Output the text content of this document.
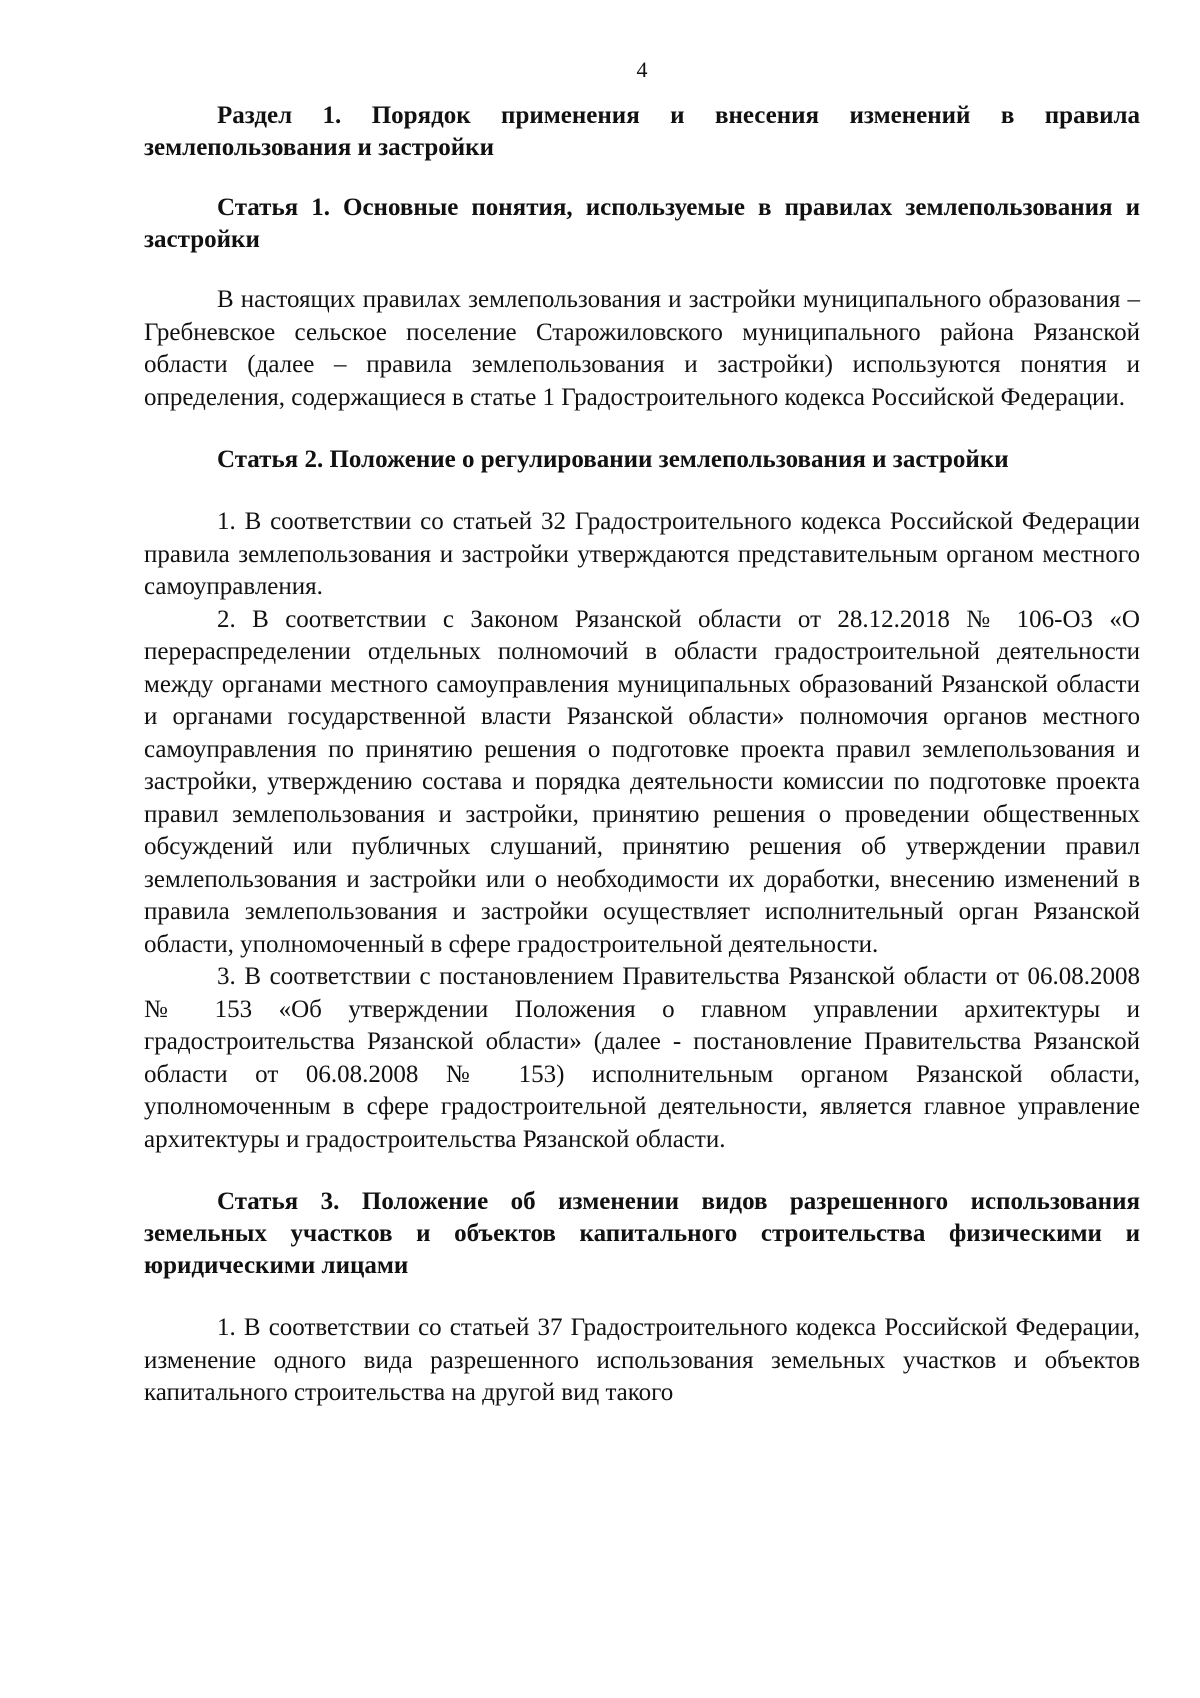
4

Раздел 1. Порядок применения и внесения изменений в правила землепользования и застройки

Статья 1. Основные понятия, используемые в правилах землепользования и застройки

В настоящих правилах землепользования и застройки муниципального образования – Гребневское сельское поселение Старожиловского муниципального района Рязанской области (далее – правила землепользования и застройки) используются понятия и определения, содержащиеся в статье 1 Градостроительного кодекса Российской Федерации.

Статья 2. Положение о регулировании землепользования и застройки

1. В соответствии со статьей 32 Градостроительного кодекса Российской Федерации правила землепользования и застройки утверждаются представительным органом местного самоуправления.

2. В соответствии с Законом Рязанской области от 28.12.2018 № 106-ОЗ «О перераспределении отдельных полномочий в области градостроительной деятельности между органами местного самоуправления муниципальных образований Рязанской области и органами государственной власти Рязанской области» полномочия органов местного самоуправления по принятию решения о подготовке проекта правил землепользования и застройки, утверждению состава и порядка деятельности комиссии по подготовке проекта правил землепользования и застройки, принятию решения о проведении общественных обсуждений или публичных слушаний, принятию решения об утверждении правил землепользования и застройки или о необходимости их доработки, внесению изменений в правила землепользования и застройки осуществляет исполнительный орган Рязанской области, уполномоченный в сфере градостроительной деятельности.

3. В соответствии с постановлением Правительства Рязанской области от 06.08.2008 № 153 «Об утверждении Положения о главном управлении архитектуры и градостроительства Рязанской области» (далее - постановление Правительства Рязанской области от 06.08.2008 № 153) исполнительным органом Рязанской области, уполномоченным в сфере градостроительной деятельности, является главное управление архитектуры и градостроительства Рязанской области.

Статья 3. Положение об изменении видов разрешенного использования земельных участков и объектов капитального строительства физическими и юридическими лицами

1. В соответствии со статьей 37 Градостроительного кодекса Российской Федерации, изменение одного вида разрешенного использования земельных участков и объектов капитального строительства на другой вид такого
